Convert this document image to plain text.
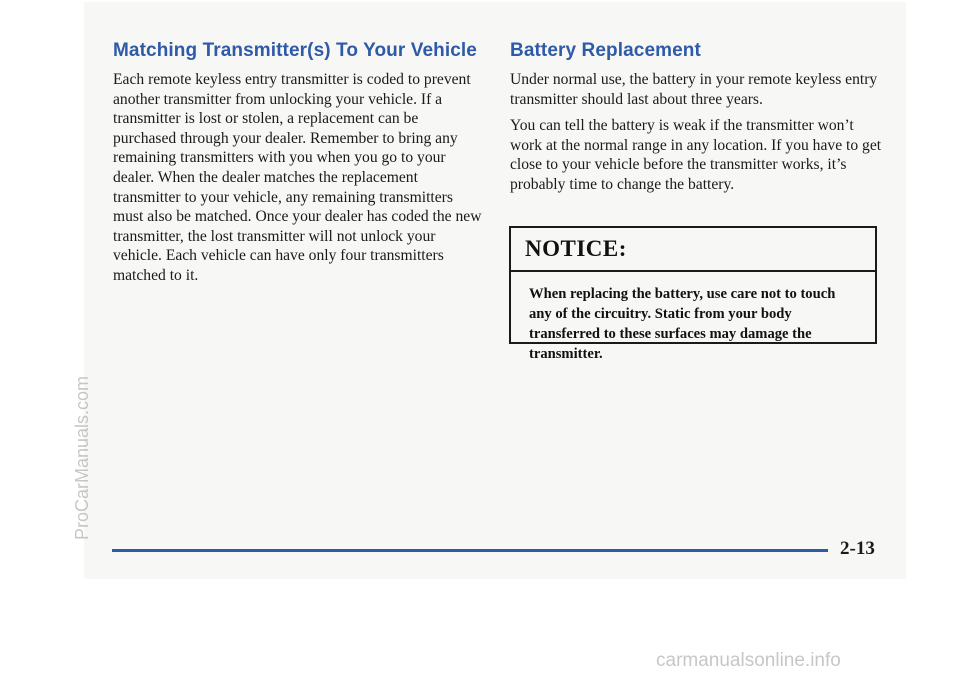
Matching Transmitter(s) To Your Vehicle

Each remote keyless entry transmitter is coded to prevent another transmitter from unlocking your vehicle. If a transmitter is lost or stolen, a replacement can be purchased through your dealer. Remember to bring any remaining transmitters with you when you go to your dealer. When the dealer matches the replacement transmitter to your vehicle, any remaining transmitters must also be matched. Once your dealer has coded the new transmitter, the lost transmitter will not unlock your vehicle. Each vehicle can have only four transmitters matched to it.

Battery Replacement

Under normal use, the battery in your remote keyless entry transmitter should last about three years.

You can tell the battery is weak if the transmitter won’t work at the normal range in any location. If you have to get close to your vehicle before the transmitter works, it’s probably time to change the battery.

NOTICE:
When replacing the battery, use care not to touch any of the circuitry. Static from your body transferred to these surfaces may damage the transmitter.
2-13
ProCarManuals.com
carmanualsonline.info
